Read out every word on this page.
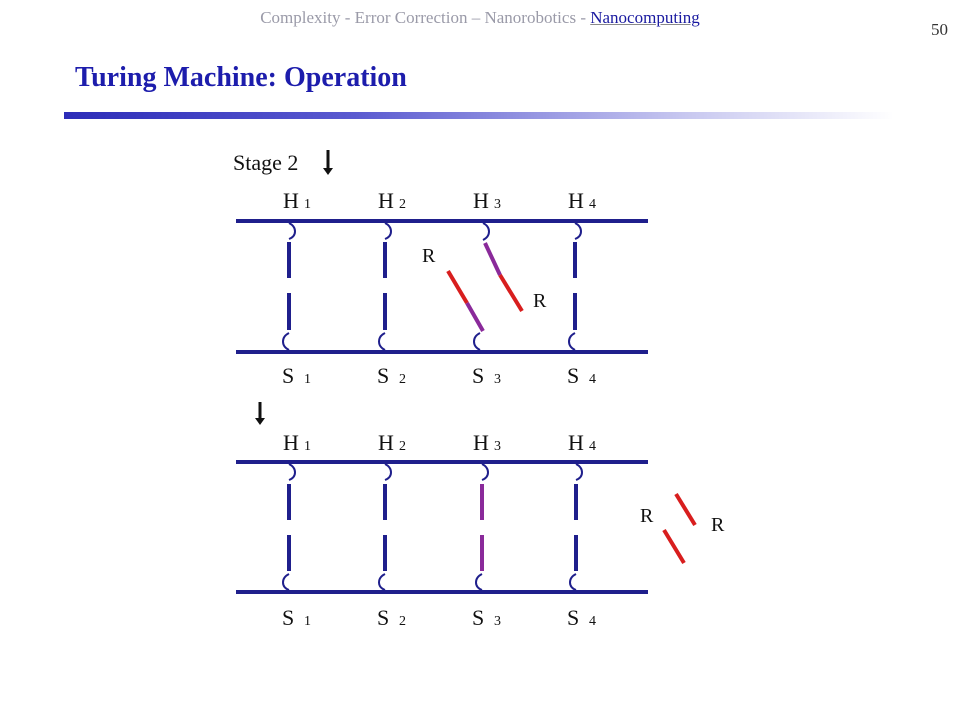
Complexity - Error Correction – Nanorobotics - Nanocomputing
50
Turing Machine: Operation
Stage 2
H 1	H 2	H 3	H 4
R
R
S 1	S 2	S 3	S 4
H 1	H 2	H 3	H 4
R	R
S 1	S 2	S 3	S 4
